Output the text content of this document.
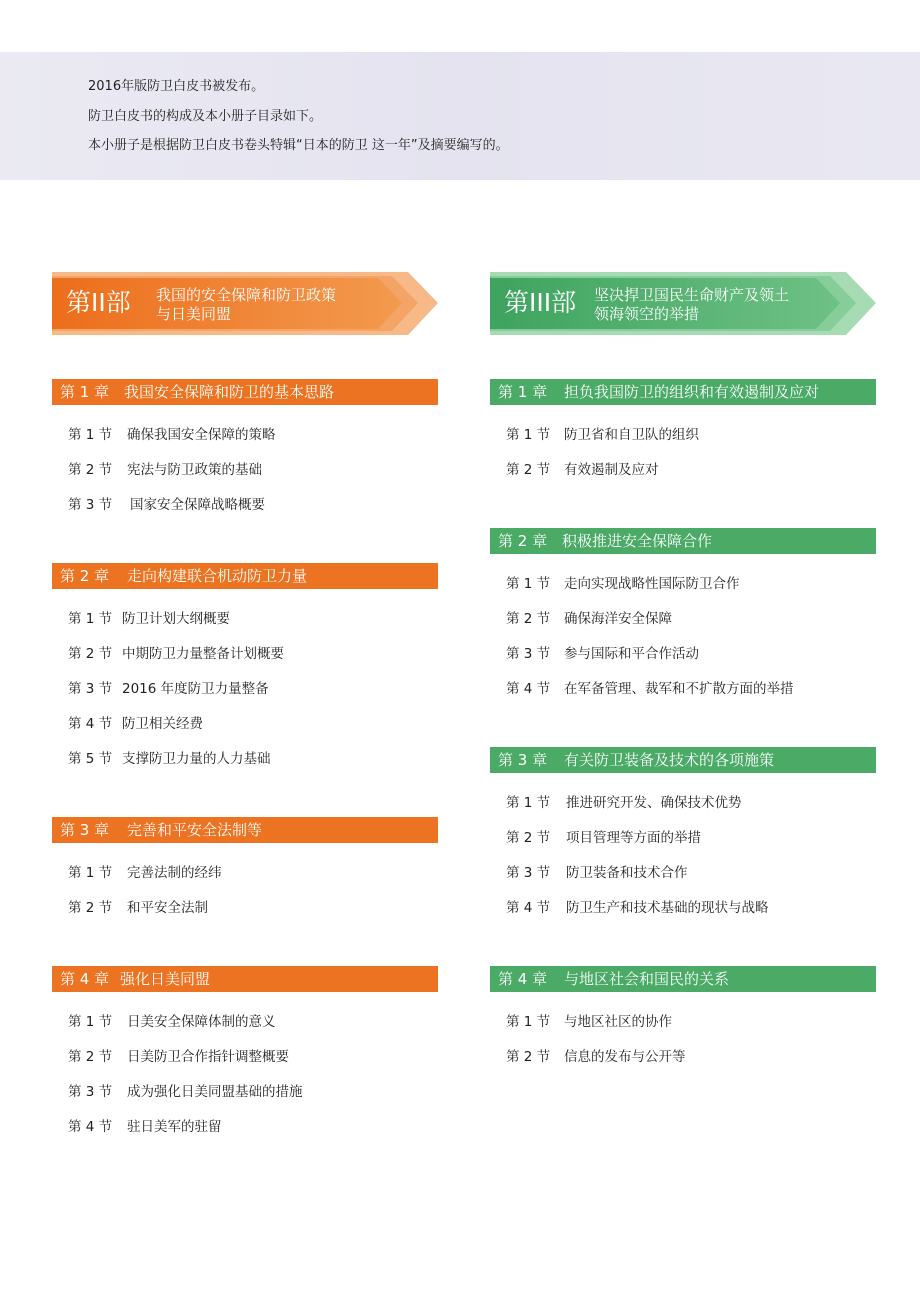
2016年版防卫白皮书被发布。
防卫白皮书的构成及本小册子目录如下。
本小册子是根据防卫白皮书卷头特辑“日本的防卫 这一年”及摘要编写的。
第II部 我国的安全保障和防卫政策
与日美同盟
第 1 章 我国安全保障和防卫的基本思路
第 1 节 确保我国安全保障的策略
第 2 节 宪法与防卫政策的基础
第 3 节 国家安全保障战略概要
第 2 章 走向构建联合机动防卫力量
第 1 节 防卫计划大纲概要
第 2 节 中期防卫力量整备计划概要
第 3 节 2016 年度防卫力量整备
第 4 节 防卫相关经费
第 5 节 支撑防卫力量的人力基础
第 3 章 完善和平安全法制等
第 1 节 完善法制的经纬
第 2 节 和平安全法制
第 4 章 强化日美同盟
第 1 节 日美安全保障体制的意义
第 2 节 日美防卫合作指针调整概要
第 3 节 成为强化日美同盟基础的措施
第 4 节 驻日美军的驻留
第III部 坚决捍卫国民生命财产及领土
领海领空的举措
第 1 章 担负我国防卫的组织和有效遏制及应对
第 1 节 防卫省和自卫队的组织
第 2 节 有效遏制及应对
第 2 章 积极推进安全保障合作
第 1 节 走向实现战略性国际防卫合作
第 2 节 确保海洋安全保障
第 3 节 参与国际和平合作活动
第 4 节 在军备管理、裁军和不扩散方面的举措
第 3 章 有关防卫装备及技术的各项施策
第 1 节 推进研究开发、确保技术优势
第 2 节 项目管理等方面的举措
第 3 节 防卫装备和技术合作
第 4 节 防卫生产和技术基础的现状与战略
第 4 章 与地区社会和国民的关系
第 1 节 与地区社区的协作
第 2 节 信息的发布与公开等
